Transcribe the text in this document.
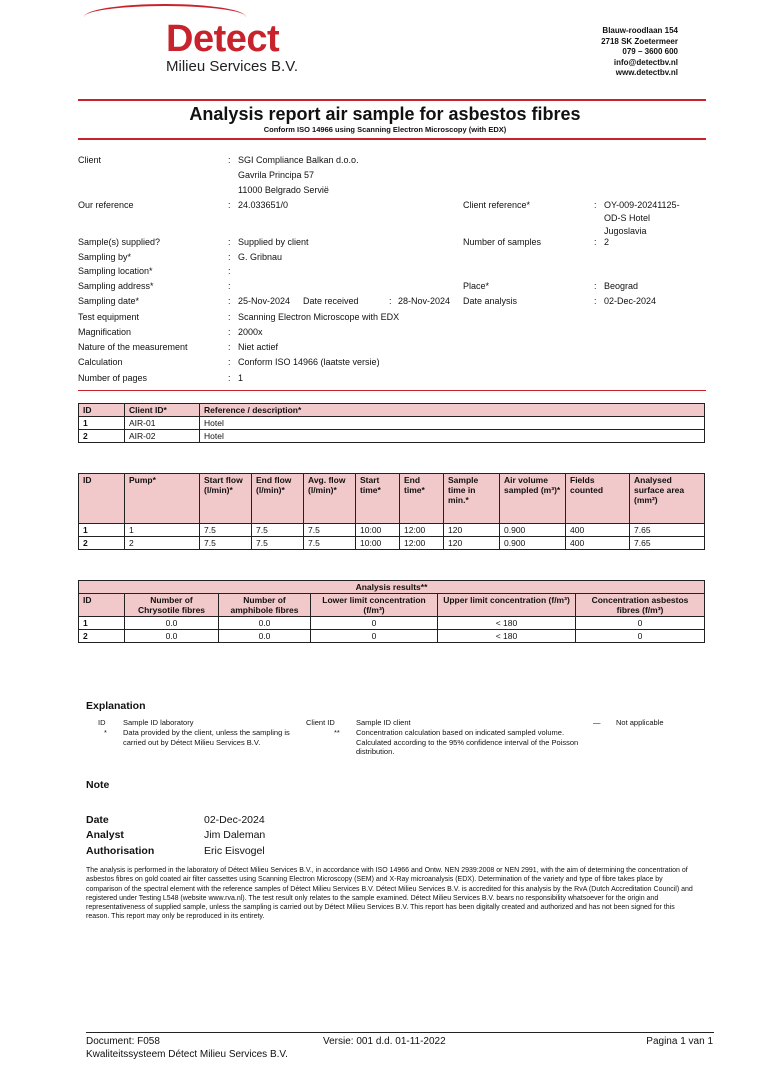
Detect
Milieu Services B.V.
Blauw-roodlaan 154
2718 SK Zoetermeer
079 – 3600 600
info@detectbv.nl
www.detectbv.nl
Analysis report air sample for asbestos fibres
Conform ISO 14966 using Scanning Electron Microscopy (with EDX)
Client	: SGI Compliance Balkan d.o.o.
Gavrila Principa 57
11000 Belgrado Servië
Our reference	: 24.033651/0	Client reference*	: OY-009-20241125-
OD-S Hotel
Jugoslavia
Sample(s) supplied?	: Supplied by client	Number of samples	: 2
Sampling by*	: G. Gribnau
Sampling location*	:
Sampling address*	:	Place*	: Beograd
Sampling date*	: 25-Nov-2024 Date received	: 28-Nov-2024 Date analysis	: 02-Dec-2024
Test equipment	: Scanning Electron Microscope with EDX
Magnification	: 2000x
Nature of the measurement	: Niet actief
Calculation	: Conform ISO 14966 (laatste versie)
Number of pages	: 1
ID	Client ID*	Reference / description*
1	AIR-01	Hotel
2	AIR-02	Hotel
ID	Pump*	Start flow (l/min)*	End flow (l/min)*	Avg. flow (l/min)*	Start time*	End time*	Sample time in min.*	Air volume sampled (m³)*	Fields counted	Analysed surface area (mm²)
1	1	7.5	7.5	7.5	10:00	12:00	120	0.900	400	7.65
2	2	7.5	7.5	7.5	10:00	12:00	120	0.900	400	7.65
Analysis results**					
ID	Number of Chrysotile fibres	Number of amphibole fibres	Lower limit concentration (f/m³)	Upper limit concentration (f/m³)	Concentration asbestos fibres (f/m³)
1	0.0	0.0	0	< 180	0
2	0.0	0.0	0	< 180	0
Explanation
ID Sample ID laboratory
* Data provided by the client, unless the sampling is carried out by Détect Milieu Services B.V.
Client ID	Sample ID client
** Concentration calculation based on indicated sampled volume. Calculated according to the 95% confidence interval of the Poisson distribution.
— Not applicable
Note
Date	02-Dec-2024
Analyst	Jim Daleman
Authorisation	Eric Eisvogel
The analysis is performed in the laboratory of Détect Milieu Services B.V., in accordance with ISO 14966 and Ontw. NEN 2939:2008 or NEN 2991, with the aim of determining the concentration of asbestos fibres on gold coated air filter cassettes using Scanning Electron Microscopy (SEM) and X-Ray microanalysis (EDX). Determination of the variety and type of fibre takes place by comparison of the spectral element with the reference samples of Détect Milieu Services B.V. Détect Milieu Services B.V. is accredited for this analysis by the RvA (Dutch Accreditation Council) and registered under Testing L548 (website www.rva.nl). The test result only relates to the sample examined. Détect Milieu Services B.V. bears no responsibility whatsoever for the origin and representativeness of supplied sample, unless the sampling is carried out by Détect Milieu Services B.V. This report has been digitally created and authorized and has not been signed for this reason. This report may only be reproduced in its entirety.
Document: F058	Versie: 001 d.d. 01-11-2022	Pagina 1 van 1
Kwaliteitssysteem Détect Milieu Services B.V.
